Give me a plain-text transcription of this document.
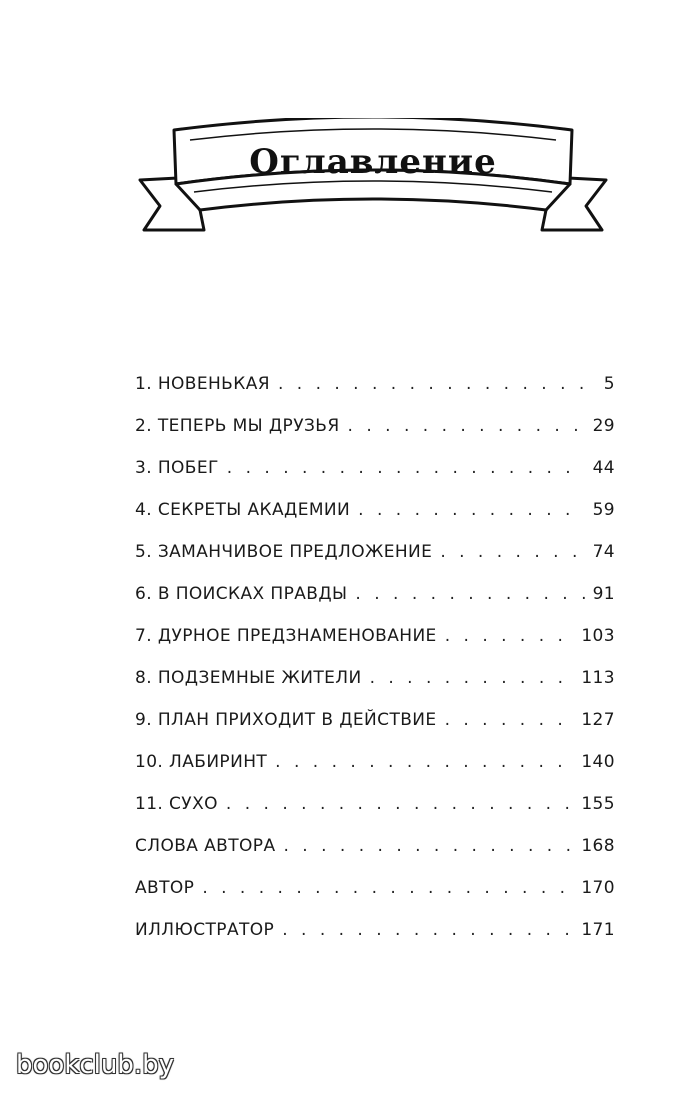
Оглавление
1. НОВЕНЬКАЯ . . .	5
2. ТЕПЕРЬ МЫ ДРУЗЬЯ . . .	29
3. ПОБЕГ . . .	44
4. СЕКРЕТЫ АКАДЕМИИ . . .	59
5. ЗАМАНЧИВОЕ ПРЕДЛОЖЕНИЕ . . .	74
6. В ПОИСКАХ ПРАВДЫ . . .	91
7. ДУРНОЕ ПРЕДЗНАМЕНОВАНИЕ . . .	103
8. ПОДЗЕМНЫЕ ЖИТЕЛИ . . .	113
9. ПЛАН ПРИХОДИТ В ДЕЙСТВИЕ . . .	127
10. ЛАБИРИНТ . . .	140
11. СУХО . . .	155
СЛОВА АВТОРА . . .	168
АВТОР . . .	170
ИЛЛЮСТРАТОР . . .	171
bookclub.by
